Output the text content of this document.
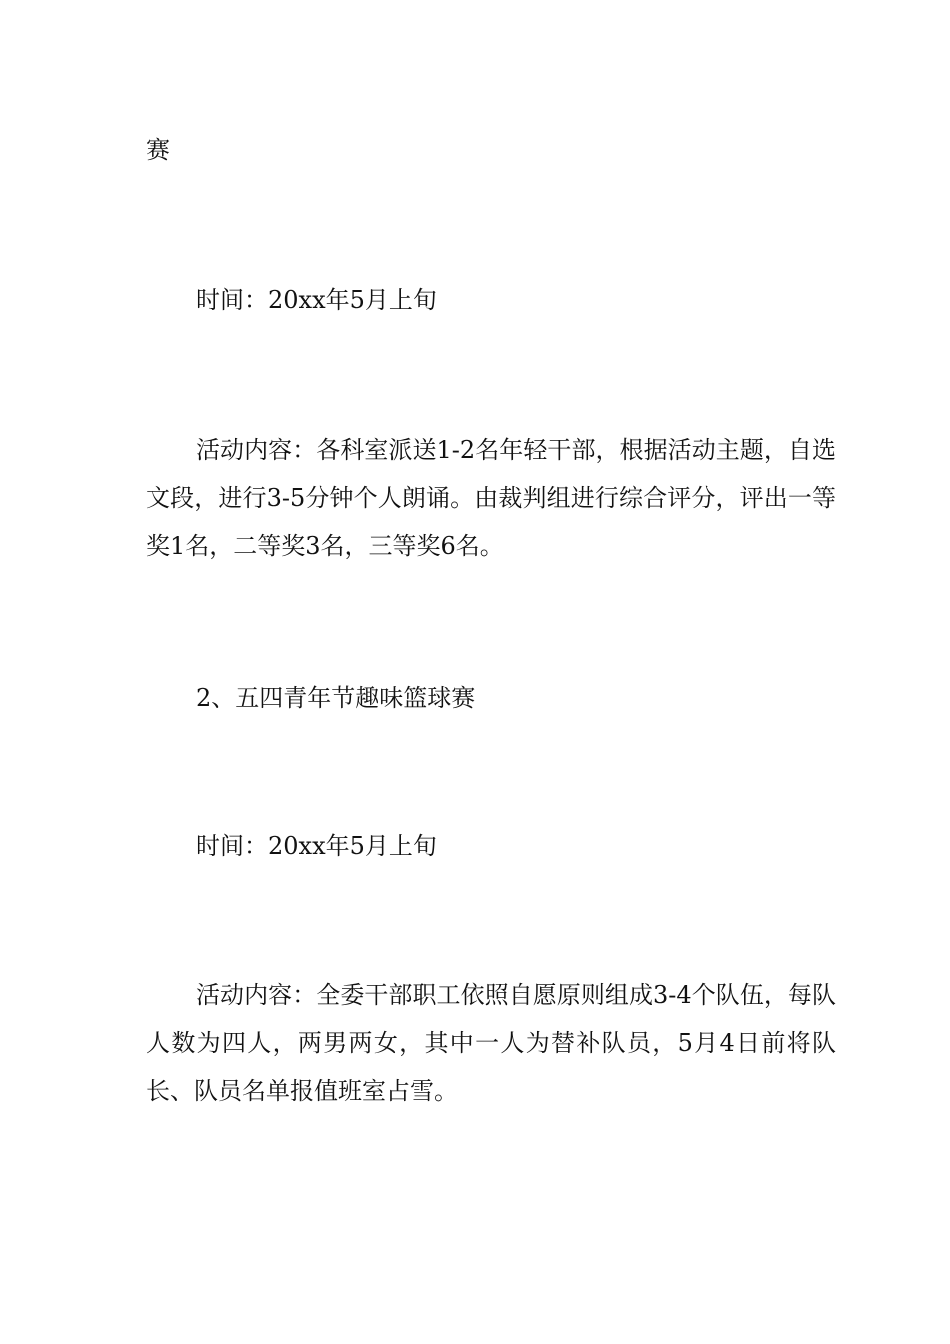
赛

时间：20xx年5月上旬

活动内容：各科室派送1-2名年轻干部，根据活动主题，自选文段，进行3-5分钟个人朗诵。由裁判组进行综合评分，评出一等奖1名，二等奖3名，三等奖6名。

2、五四青年节趣味篮球赛

时间：20xx年5月上旬

活动内容：全委干部职工依照自愿原则组成3-4个队伍，每队人数为四人，两男两女，其中一人为替补队员，5月4日前将队长、队员名单报值班室占雪。
